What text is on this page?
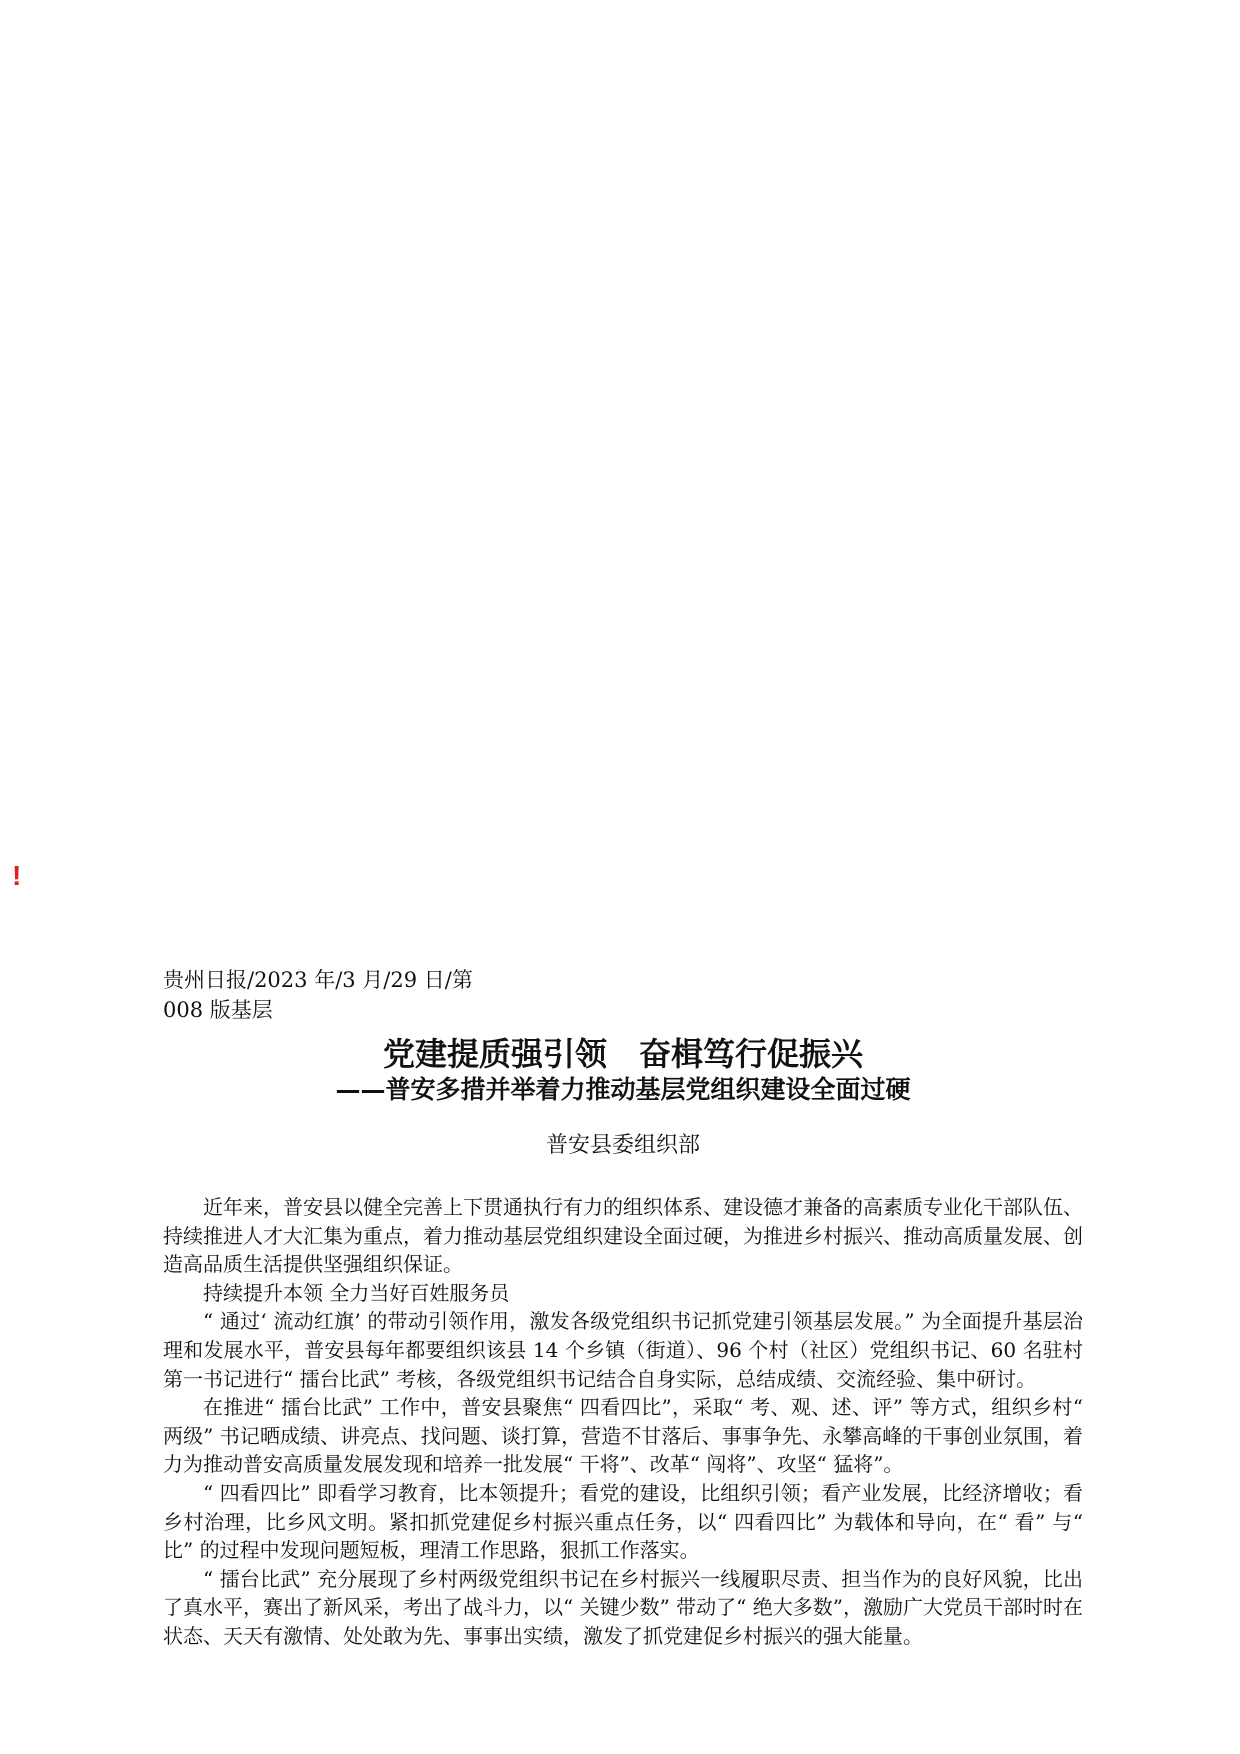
!
贵州日报/2023 年/3 月/29 日/第 008 版基层
党建提质强引领　奋楫笃行促振兴
——普安多措并举着力推动基层党组织建设全面过硬
普安县委组织部

近年来，普安县以健全完善上下贯通执行有力的组织体系、建设德才兼备的高素质专业化干部队伍、持续推进人才大汇集为重点，着力推动基层党组织建设全面过硬，为推进乡村振兴、推动高质量发展、创造高品质生活提供坚强组织保证。

持续提升本领 全力当好百姓服务员

“ 通过‘ 流动红旗’ 的带动引领作用，激发各级党组织书记抓党建引领基层发展。” 为全面提升基层治理和发展水平，普安县每年都要组织该县 14 个乡镇（街道）、96 个村（社区）党组织书记、60 名驻村第一书记进行“ 擂台比武” 考核，各级党组织书记结合自身实际，总结成绩、交流经验、集中研讨。

在推进“ 擂台比武” 工作中，普安县聚焦“ 四看四比”，采取“ 考、观、述、评” 等方式，组织乡村“ 两级” 书记晒成绩、讲亮点、找问题、谈打算，营造不甘落后、事事争先、永攀高峰的干事创业氛围，着力为推动普安高质量发展发现和培养一批发展“ 干将”、改革“ 闯将”、攻坚“ 猛将”。

“ 四看四比” 即看学习教育，比本领提升；看党的建设，比组织引领；看产业发展，比经济增收；看乡村治理，比乡风文明。紧扣抓党建促乡村振兴重点任务，以“ 四看四比” 为载体和导向，在“ 看” 与“ 比” 的过程中发现问题短板，理清工作思路，狠抓工作落实。

“ 擂台比武” 充分展现了乡村两级党组织书记在乡村振兴一线履职尽责、担当作为的良好风貌，比出了真水平，赛出了新风采，考出了战斗力，以“ 关键少数” 带动了“ 绝大多数”，激励广大党员干部时时在状态、天天有激情、处处敢为先、事事出实绩，激发了抓党建促乡村振兴的强大能量。
